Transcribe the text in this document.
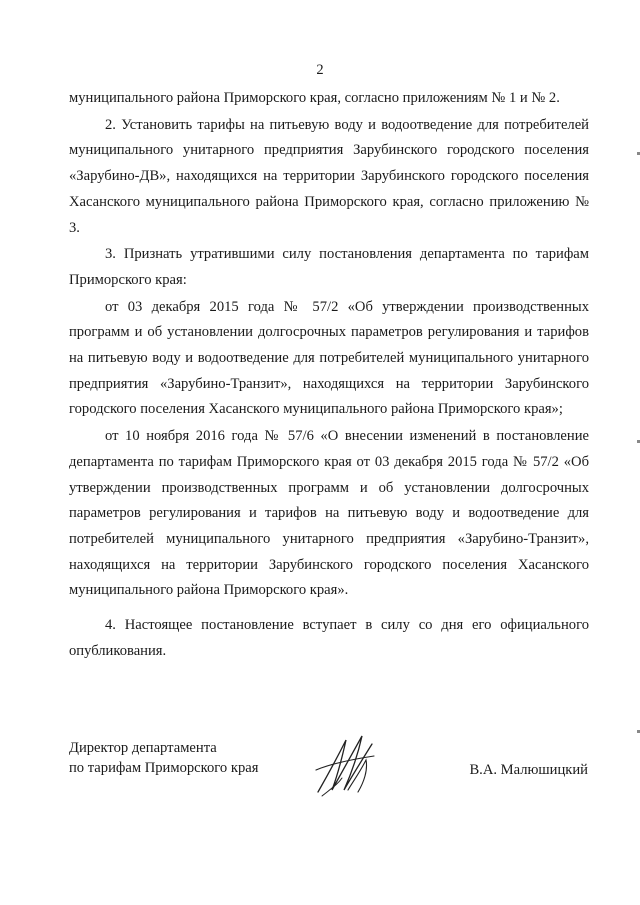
2

муниципального района Приморского края, согласно приложениям № 1 и № 2.

2. Установить тарифы на питьевую воду и водоотведение для потребителей муниципального унитарного предприятия Зарубинского городского поселения «Зарубино-ДВ», находящихся на территории Зарубинского городского поселения Хасанского муниципального района Приморского края, согласно приложению № 3.

3. Признать утратившими силу постановления департамента по тарифам Приморского края:

от 03 декабря 2015 года № 57/2 «Об утверждении производственных программ и об установлении долгосрочных параметров регулирования и тарифов на питьевую воду и водоотведение для потребителей муниципального унитарного предприятия «Зарубино-Транзит», находящихся на территории Зарубинского городского поселения Хасанского муниципального района Приморского края»;

от 10 ноября 2016 года № 57/6 «О внесении изменений в постановление департамента по тарифам Приморского края от 03 декабря 2015 года № 57/2 «Об утверждении производственных программ и об установлении долгосрочных параметров регулирования и тарифов на питьевую воду и водоотведение для потребителей муниципального унитарного предприятия «Зарубино-Транзит», находящихся на территории Зарубинского городского поселения Хасанского муниципального района Приморского края».

4. Настоящее постановление вступает в силу со дня его официального опубликования.

Директор департамента
по тарифам Приморского края	В.А. Малюшицкий
